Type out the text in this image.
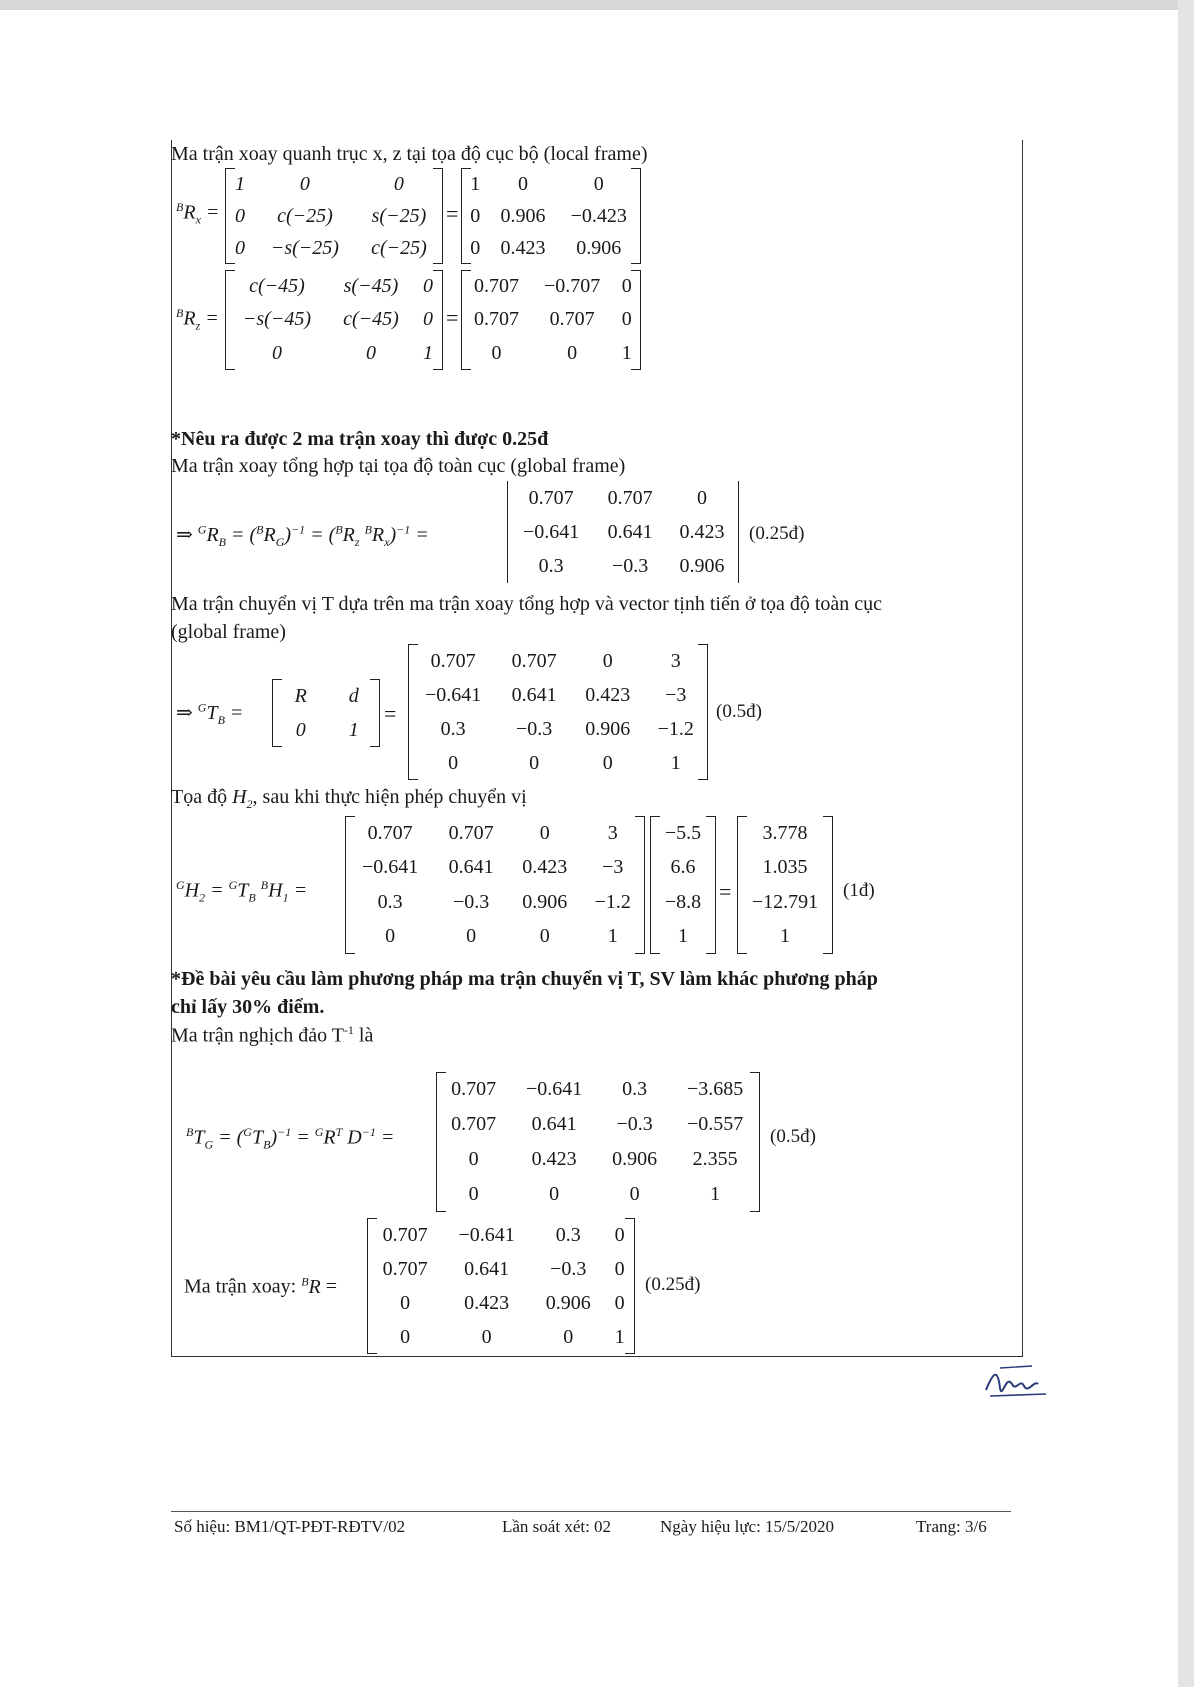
Ma trận xoay quanh trục x, z tại tọa độ cục bộ (local frame)
$^BR_x$ =
1	0	0
0	c(−25)	s(−25)
0	−s(−25)	c(−25)
=
1	0	0
0	0.906	−0.423
0	0.423	0.906
$^BR_z$ =
c(−45)	s(−45)	0
−s(−45)	c(−45)	0
0	0	1
=
0.707	−0.707	0
0.707	0.707	0
0	0	1
*Nêu ra được 2 ma trận xoay thì được 0.25đ
Ma trận xoay tổng hợp tại tọa độ toàn cục (global frame)
⇒ $^GR_B = (^BR_G)^{-1} = (^BR_z$ $^BR_x)^{-1}$ =
0.707	0.707	0
−0.641	0.641	0.423
0.3	−0.3	0.906
(0.25đ)
Ma trận chuyển vị T dựa trên ma trận xoay tổng hợp và vector tịnh tiến ở tọa độ toàn cục
(global frame)
⇒ $^GT_B$ =
R	d
0	1
=
0.707	0.707	0	3
−0.641	0.641	0.423	−3
0.3	−0.3	0.906	−1.2
0	0	0	1
(0.5đ)
Tọa độ $H_2$, sau khi thực hiện phép chuyển vị
$^GH_2 = ^GT_B$ $^BH_1$ =
0.707	0.707	0	3
−0.641	0.641	0.423	−3
0.3	−0.3	0.906	−1.2
0	0	0	1
−5.5
6.6
−8.8
1
=
3.778
1.035
−12.791
1
(1đ)
*Đề bài yêu cầu làm phương pháp ma trận chuyển vị T, SV làm khác phương pháp
chỉ lấy 30% điểm.
Ma trận nghịch đảo $T^{-1}$ là
$^BT_G = (^GT_B)^{-1} = ^GR^T$ $D^{-1}$ =
0.707	−0.641	0.3	−3.685
0.707	0.641	−0.3	−0.557
0	0.423	0.906	2.355
0	0	0	1
(0.5đ)
Ma trận xoay: $^B$R =
0.707	−0.641	0.3	0
0.707	0.641	−0.3	0
0	0.423	0.906	0
0	0	0	1
(0.25đ)
Số hiệu: BM1/QT-PĐT-RĐTV/02	Lần soát xét: 02	Ngày hiệu lực: 15/5/2020	Trang: 3/6
